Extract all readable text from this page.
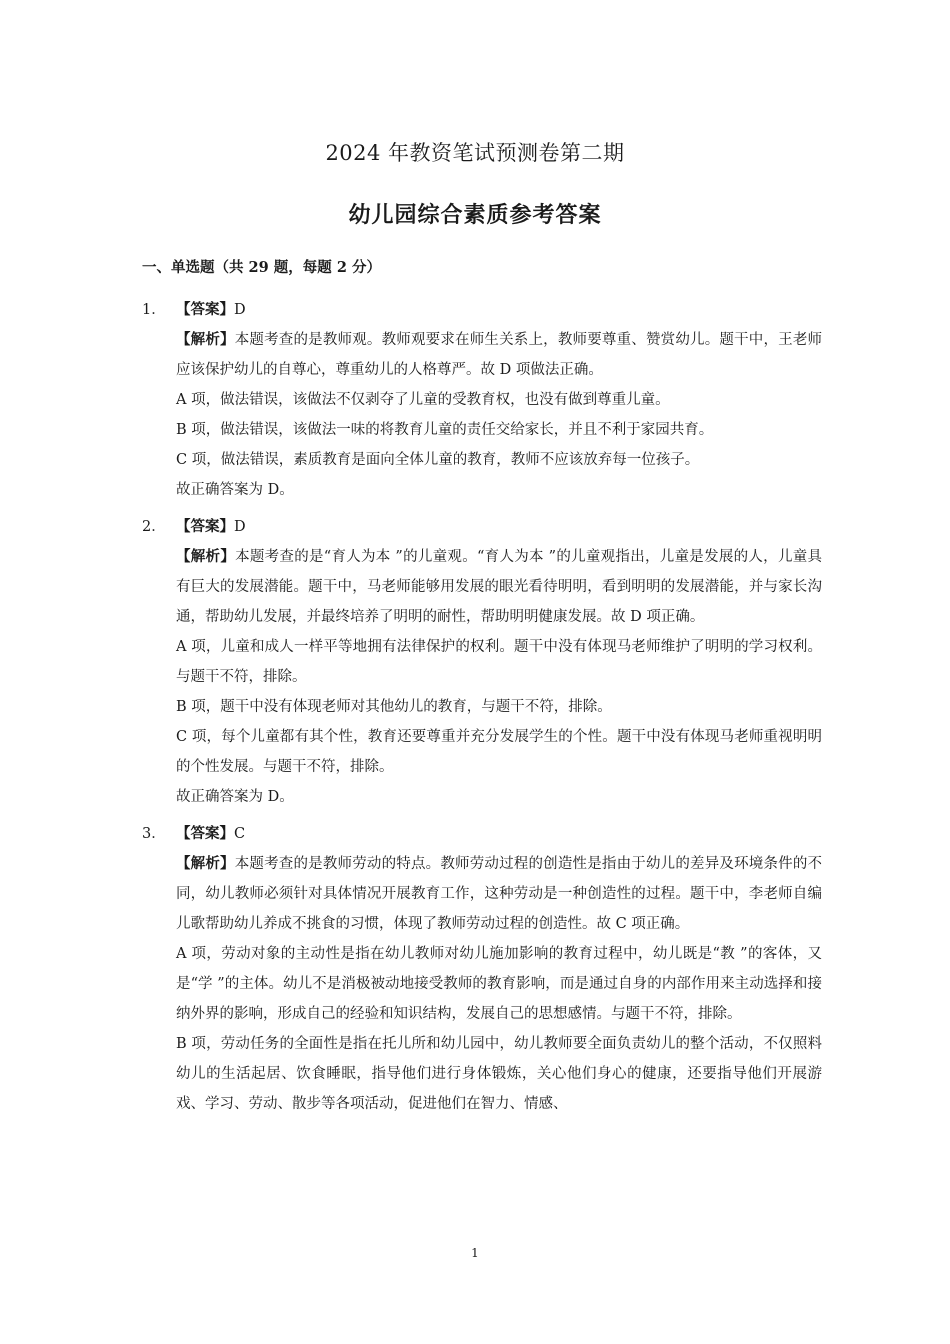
2024 年教资笔试预测卷第二期
幼儿园综合素质参考答案
一、单选题（共 29 题，每题 2 分）
1． 【答案】D
【解析】本题考查的是教师观。教师观要求在师生关系上，教师要尊重、赞赏幼儿。题干中，王老师应该保护幼儿的自尊心，尊重幼儿的人格尊严。故 D 项做法正确。
A 项，做法错误，该做法不仅剥夺了儿童的受教育权，也没有做到尊重儿童。
B 项，做法错误，该做法一味的将教育儿童的责任交给家长，并且不利于家园共育。
C 项，做法错误，素质教育是面向全体儿童的教育，教师不应该放弃每一位孩子。
故正确答案为 D。
2． 【答案】D
【解析】本题考查的是“育人为本 ”的儿童观。“育人为本 ”的儿童观指出，儿童是发展的人，儿童具有巨大的发展潜能。题干中，马老师能够用发展的眼光看待明明，看到明明的发展潜能，并与家长沟通，帮助幼儿发展，并最终培养了明明的耐性，帮助明明健康发展。故 D 项正确。
A 项，儿童和成人一样平等地拥有法律保护的权利。题干中没有体现马老师维护了明明的学习权利。与题干不符，排除。
B 项，题干中没有体现老师对其他幼儿的教育，与题干不符，排除。
C 项，每个儿童都有其个性，教育还要尊重并充分发展学生的个性。题干中没有体现马老师重视明明的个性发展。与题干不符，排除。
故正确答案为 D。
3． 【答案】C
【解析】本题考查的是教师劳动的特点。教师劳动过程的创造性是指由于幼儿的差异及环境条件的不同，幼儿教师必须针对具体情况开展教育工作，这种劳动是一种创造性的过程。题干中，李老师自编儿歌帮助幼儿养成不挑食的习惯，体现了教师劳动过程的创造性。故 C 项正确。
A 项，劳动对象的主动性是指在幼儿教师对幼儿施加影响的教育过程中，幼儿既是“教 ”的客体，又是“学 ”的主体。幼儿不是消极被动地接受教师的教育影响，而是通过自身的内部作用来主动选择和接纳外界的影响，形成自己的经验和知识结构，发展自己的思想感情。与题干不符，排除。
B 项，劳动任务的全面性是指在托儿所和幼儿园中，幼儿教师要全面负责幼儿的整个活动，不仅照料幼儿的生活起居、饮食睡眠，指导他们进行身体锻炼，关心他们身心的健康，还要指导他们开展游戏、学习、劳动、散步等各项活动，促进他们在智力、情感、
1
